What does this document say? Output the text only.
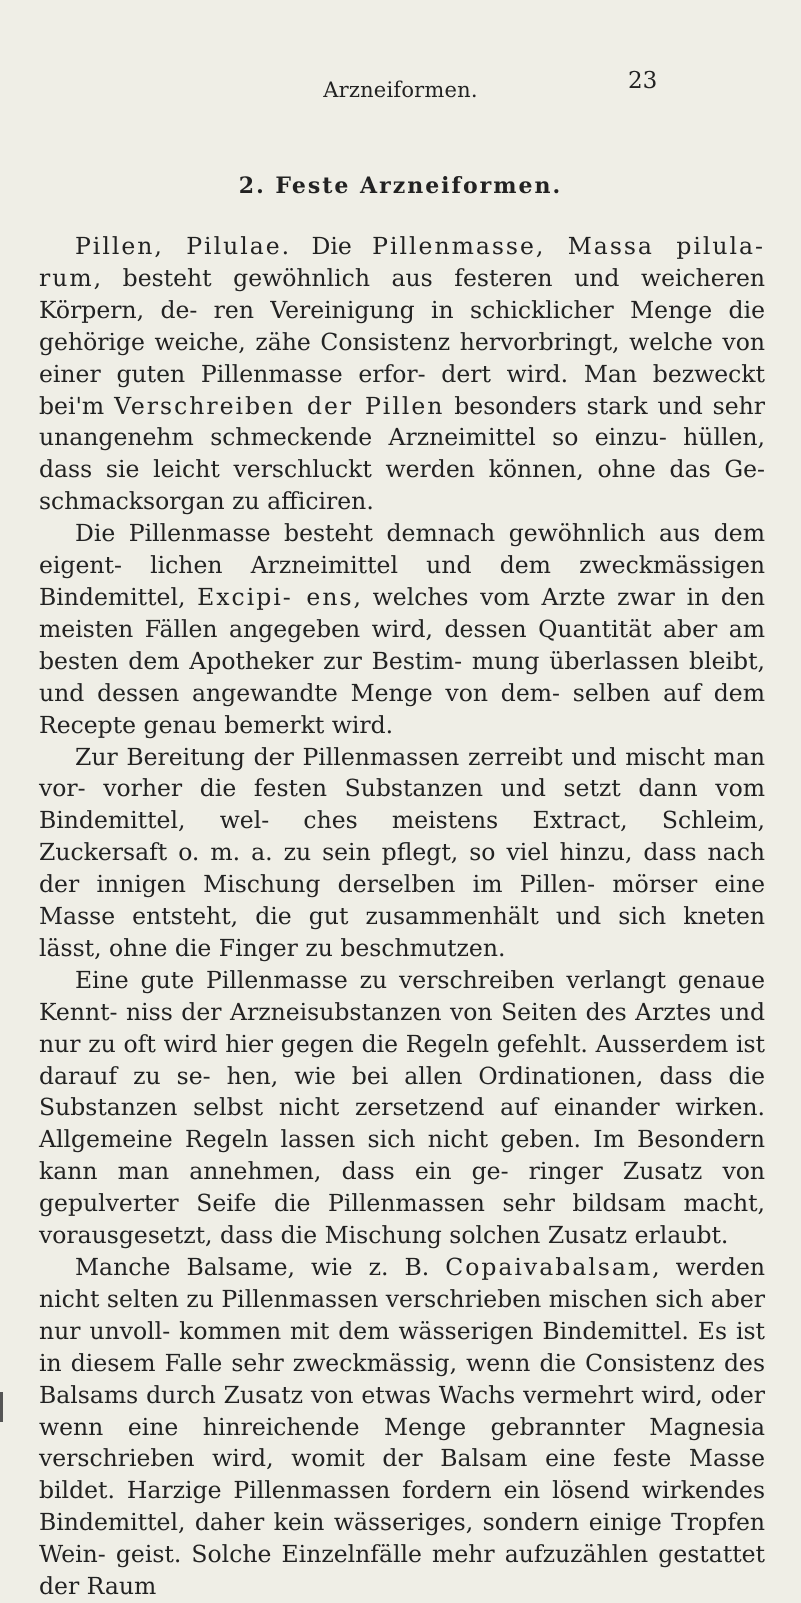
Arzneiformen.	23
2. Feste Arzneiformen.

Pillen, Pilulae. Die Pillenmasse, Massa pilula- rum, besteht gewöhnlich aus festeren und weicheren Körpern, de- ren Vereinigung in schicklicher Menge die gehörige weiche, zähe Consistenz hervorbringt, welche von einer guten Pillenmasse erfor- dert wird. Man bezweckt bei'm Verschreiben der Pillen besonders stark und sehr unangenehm schmeckende Arzneimittel so einzu- hüllen, dass sie leicht verschluckt werden können, ohne das Ge- schmacksorgan zu afficiren.

Die Pillenmasse besteht demnach gewöhnlich aus dem eigent- lichen Arzneimittel und dem zweckmässigen Bindemittel, Excipi- ens, welches vom Arzte zwar in den meisten Fällen angegeben wird, dessen Quantität aber am besten dem Apotheker zur Bestim- mung überlassen bleibt, und dessen angewandte Menge von dem- selben auf dem Recepte genau bemerkt wird.

Zur Bereitung der Pillenmassen zerreibt und mischt man vor- vorher die festen Substanzen und setzt dann vom Bindemittel, wel- ches meistens Extract, Schleim, Zuckersaft o. m. a. zu sein pflegt, so viel hinzu, dass nach der innigen Mischung derselben im Pillen- mörser eine Masse entsteht, die gut zusammenhält und sich kneten lässt, ohne die Finger zu beschmutzen.

Eine gute Pillenmasse zu verschreiben verlangt genaue Kennt- niss der Arzneisubstanzen von Seiten des Arztes und nur zu oft wird hier gegen die Regeln gefehlt. Ausserdem ist darauf zu se- hen, wie bei allen Ordinationen, dass die Substanzen selbst nicht zersetzend auf einander wirken. Allgemeine Regeln lassen sich nicht geben. Im Besondern kann man annehmen, dass ein ge- ringer Zusatz von gepulverter Seife die Pillenmassen sehr bildsam macht, vorausgesetzt, dass die Mischung solchen Zusatz erlaubt.

Manche Balsame, wie z. B. Copaivabalsam, werden nicht selten zu Pillenmassen verschrieben mischen sich aber nur unvoll- kommen mit dem wässerigen Bindemittel. Es ist in diesem Falle sehr zweckmässig, wenn die Consistenz des Balsams durch Zusatz von etwas Wachs vermehrt wird, oder wenn eine hinreichende Menge gebrannter Magnesia verschrieben wird, womit der Balsam eine feste Masse bildet. Harzige Pillenmassen fordern ein lösend wirkendes Bindemittel, daher kein wässeriges, sondern einige Tropfen Wein- geist. Solche Einzelnfälle mehr aufzuzählen gestattet der Raum
